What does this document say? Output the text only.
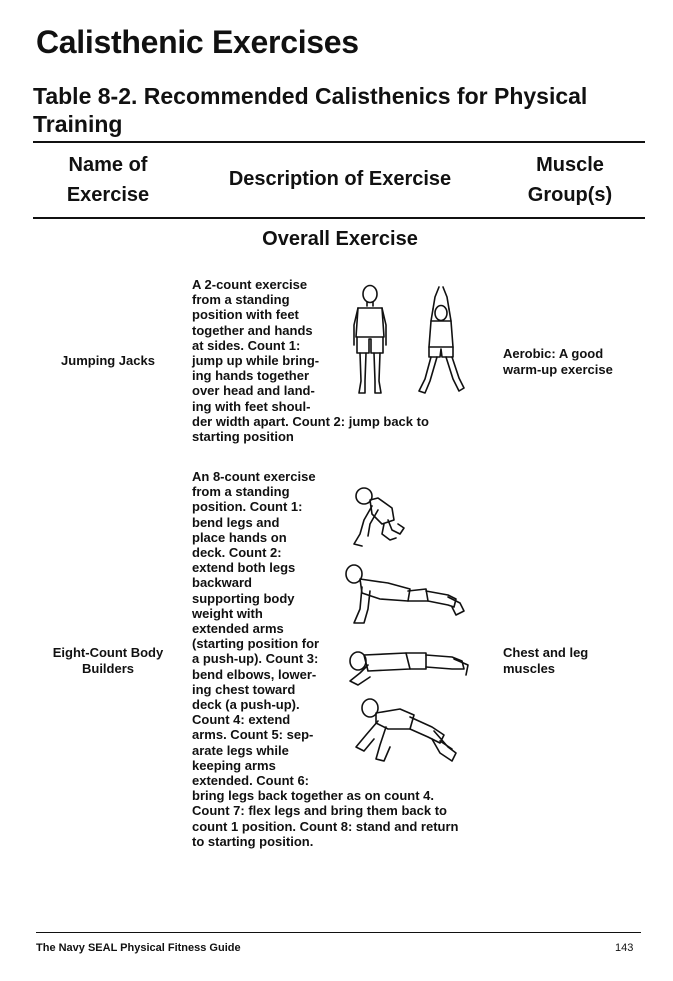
Calisthenic Exercises
Table 8-2. Recommended Calisthenics for Physical Training
Name of
Exercise
Description of Exercise
Muscle
Group(s)
Overall Exercise
Jumping Jacks
A 2-count exercise
from a standing
position with feet
together and hands
at sides. Count 1:
jump up while bring-
ing hands together
over head and land-
ing with feet shoul-
der width apart. Count 2: jump back to
starting position
Aerobic: A good
warm-up exercise
Eight-Count Body
Builders
An 8-count exercise
from a standing
position. Count 1:
bend legs and
place hands on
deck. Count 2:
extend both legs
backward
supporting body
weight with
extended arms
(starting position for
a push-up). Count 3:
bend elbows, lower-
ing chest toward
deck (a push-up).
Count 4: extend
arms. Count 5: sep-
arate legs while
keeping arms
extended. Count 6:
bring legs back together as on count 4.
Count 7: flex legs and bring them back to
count 1 position. Count 8: stand and return
to starting position.
Chest and leg
muscles
The Navy SEAL Physical Fitness Guide	143
